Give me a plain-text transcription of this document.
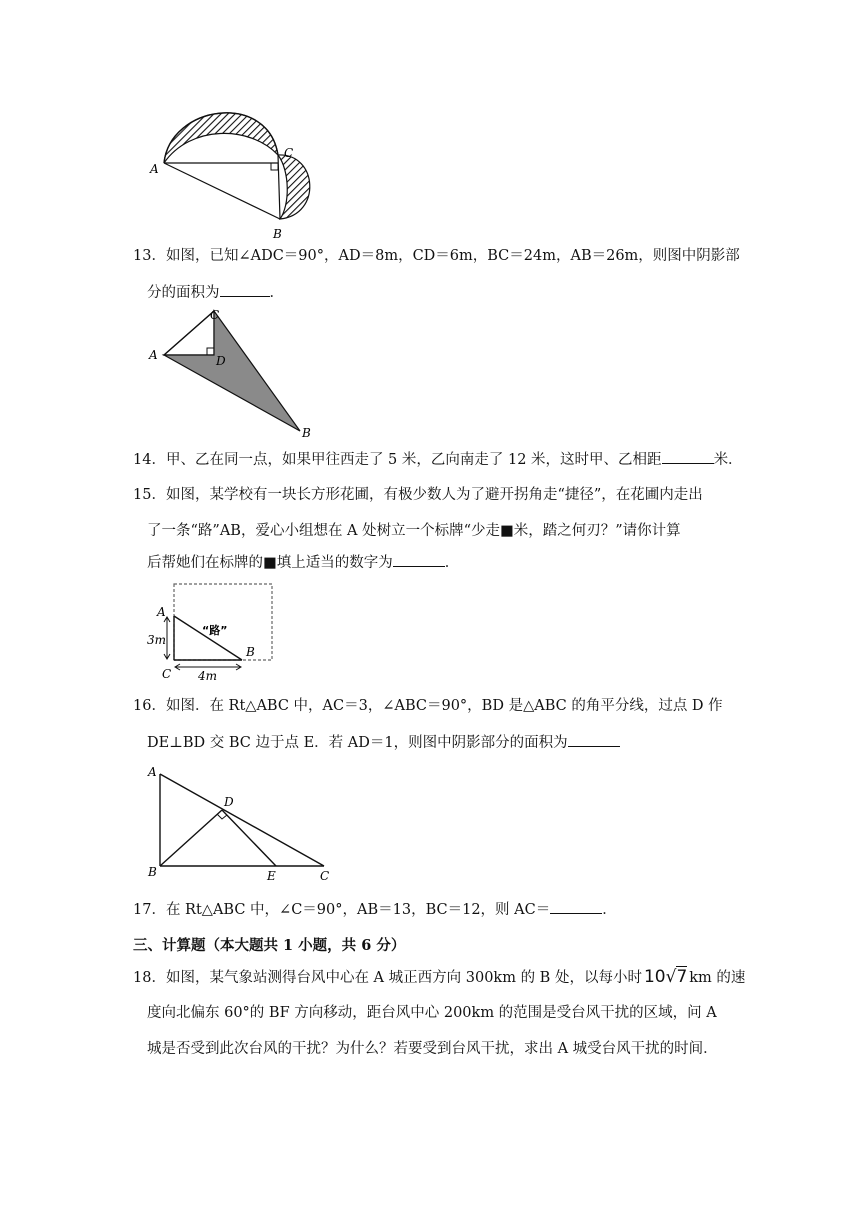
A
C
B
13．如图，已知∠ADC＝90°，AD＝8m，CD＝6m，BC＝24m，AB＝26m，则图中阴影部
分的面积为	．
A
C
D
B
14．甲、乙在同一点，如果甲往西走了 5 米，乙向南走了 12 米，这时甲、乙相距	米．
15．如图，某学校有一块长方形花圃，有极少数人为了避开拐角走“捷径”，在花圃内走出
了一条“路”AB，爱心小组想在 A 处树立一个标牌“少走■米，踏之何刃？”请你计算
后帮她们在标牌的■填上适当的数字为	．
A
“路”
3m
B
C 4m
16．如图．在 Rt△ABC 中，AC＝3，∠ABC＝90°，BD 是△ABC 的角平分线，过点 D 作
DE⊥BD 交 BC 边于点 E．若 AD＝1，则图中阴影部分的面积为
A
D
B	E	C
17．在 Rt△ABC 中，∠C＝90°，AB＝13，BC＝12，则 AC＝	．
三、计算题（本大题共 1 小题，共 6 分）
18．如图，某气象站测得台风中心在 A 城正西方向 300km 的 B 处，以每小时 10√7 km 的速
度向北偏东 60°的 BF 方向移动，距台风中心 200km 的范围是受台风干扰的区域，问 A
城是否受到此次台风的干扰？为什么？若要受到台风干扰，求出 A 城受台风干扰的时间．
